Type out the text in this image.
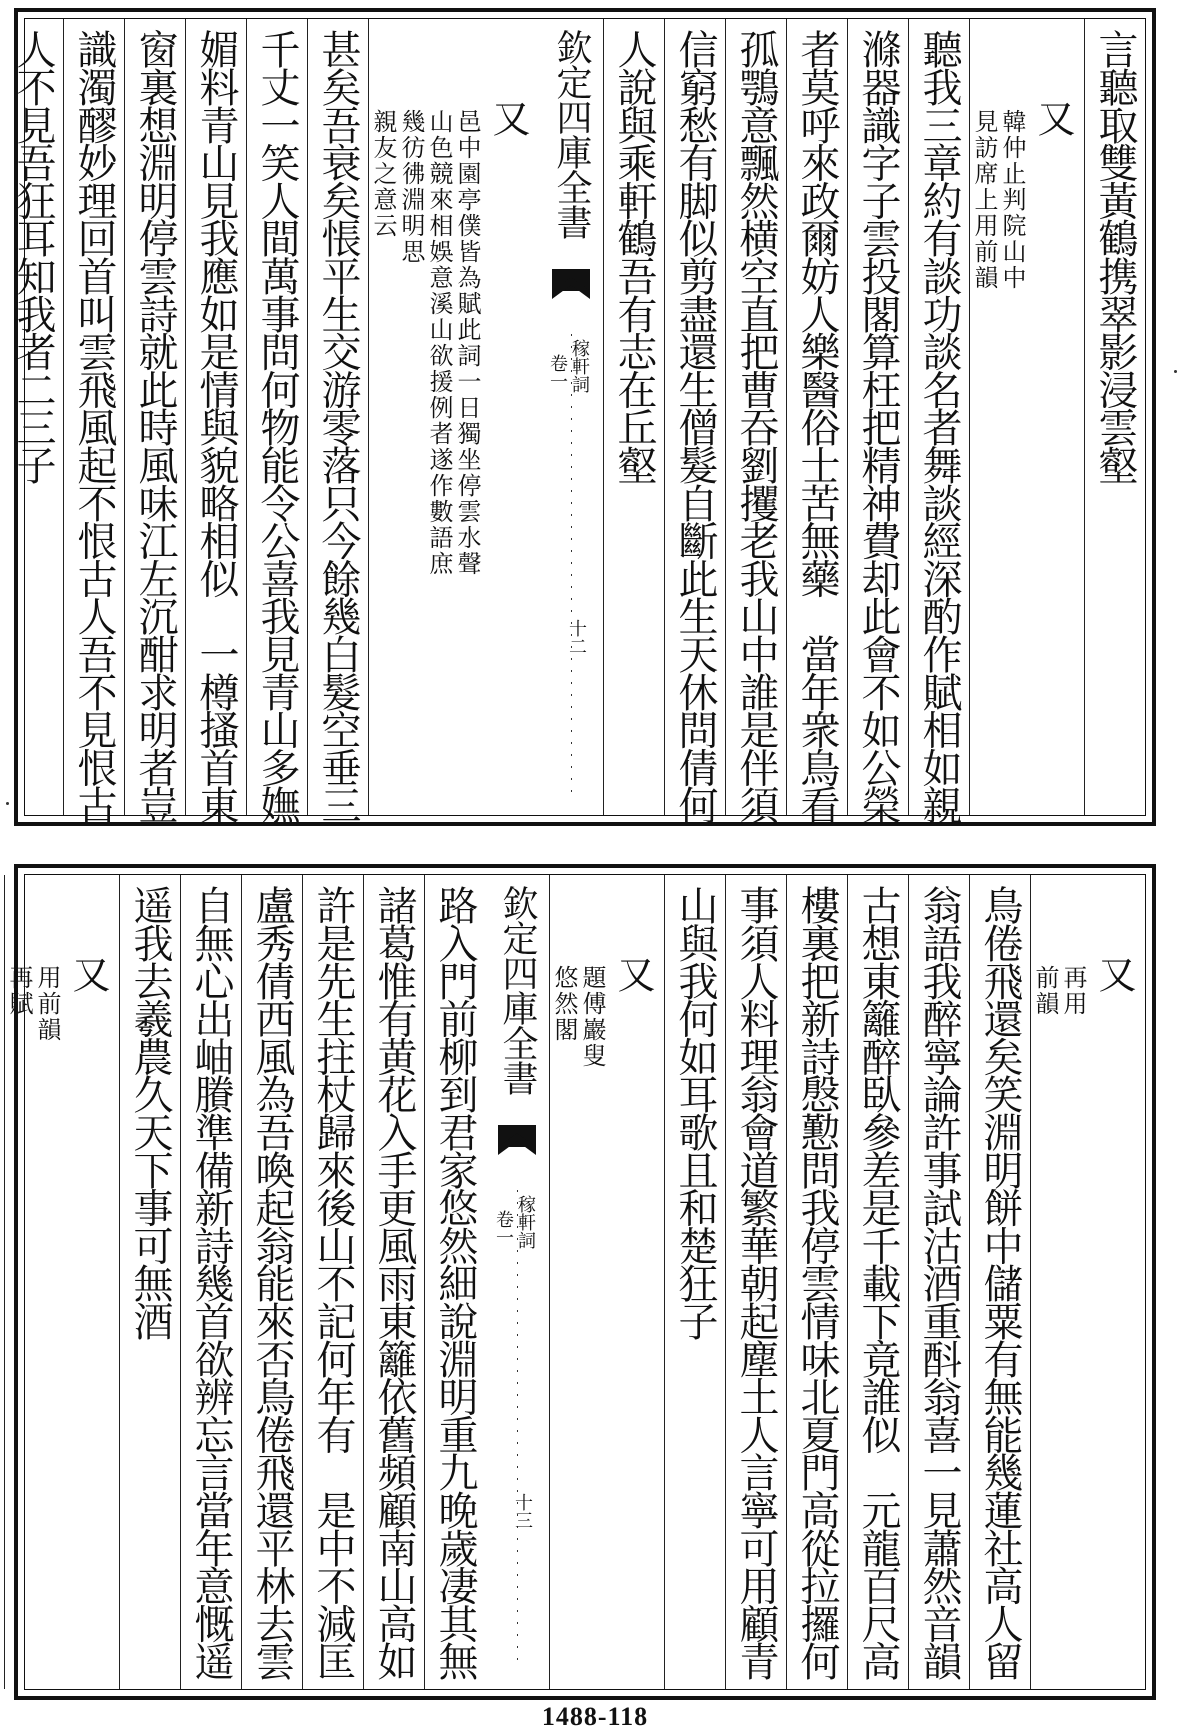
言聽取雙黃鶴携翠影浸雲壑
又
韓仲止判院山中
見訪席上用前韻
聽我三章約有談功談名者舞談經深酌作賦相如親
滌器識字子雲投閣算枉把精神費却此會不如公榮
者莫呼來政爾妨人樂醫俗士苦無藥　當年衆鳥看
孤鶚意飄然横空直把曹吞劉攫老我山中誰是伴須
信窮愁有脚似剪盡還生僧髮自斷此生天休問倩何
人說與乘軒鶴吾有志在丘壑
欽定四庫全書
稼軒詞
卷一
十二
又
邑中園亭僕皆為賦此詞一日獨坐停雲水聲
山色競來相娛意溪山欲援例者遂作數語庶
幾彷彿淵明思
親友之意云
甚矣吾衰矣悵平生交游零落只今餘幾白髮空垂三
千丈一笑人間萬事問何物能令公喜我見青山多嫵
媚料青山見我應如是情與貌略相似　一樽搔首東
窗裏想淵明停雲詩就此時風味江左沉酣求明者豈
識濁醪妙理回首叫雲飛風起不恨古人吾不見恨古
人不見吾狂耳知我者二三子
又
再用
前韻
鳥倦飛還矣笑淵明餅中儲粟有無能幾蓮社高人留
翁語我醉寧論許事試沽酒重酙翁喜一見蕭然音韻
古想東籬醉臥參差是千載下竟誰似　元龍百尺高
樓裏把新詩慇懃問我停雲情味北夏門高從拉攞何
事須人料理翁會道繁華朝起塵土人言寧可用顧青
山與我何如耳歌且和楚狂子
又
題傅巖叟
悠然閣
欽定四庫全書
稼軒詞
卷一
十三
路入門前柳到君家悠然細說淵明重九晚歲凄其無
諸葛惟有黄花入手更風雨東籬依舊頻顧南山高如
許是先生拄杖歸來後山不記何年有　是中不減匡
盧秀倩西風為吾喚起翁能來否鳥倦飛還平林去雲
自無心出岫賸準備新詩幾首欲辨忘言當年意慨遥
遥我去羲農久天下事可無酒
又
用前韻
再賦
1488-118
